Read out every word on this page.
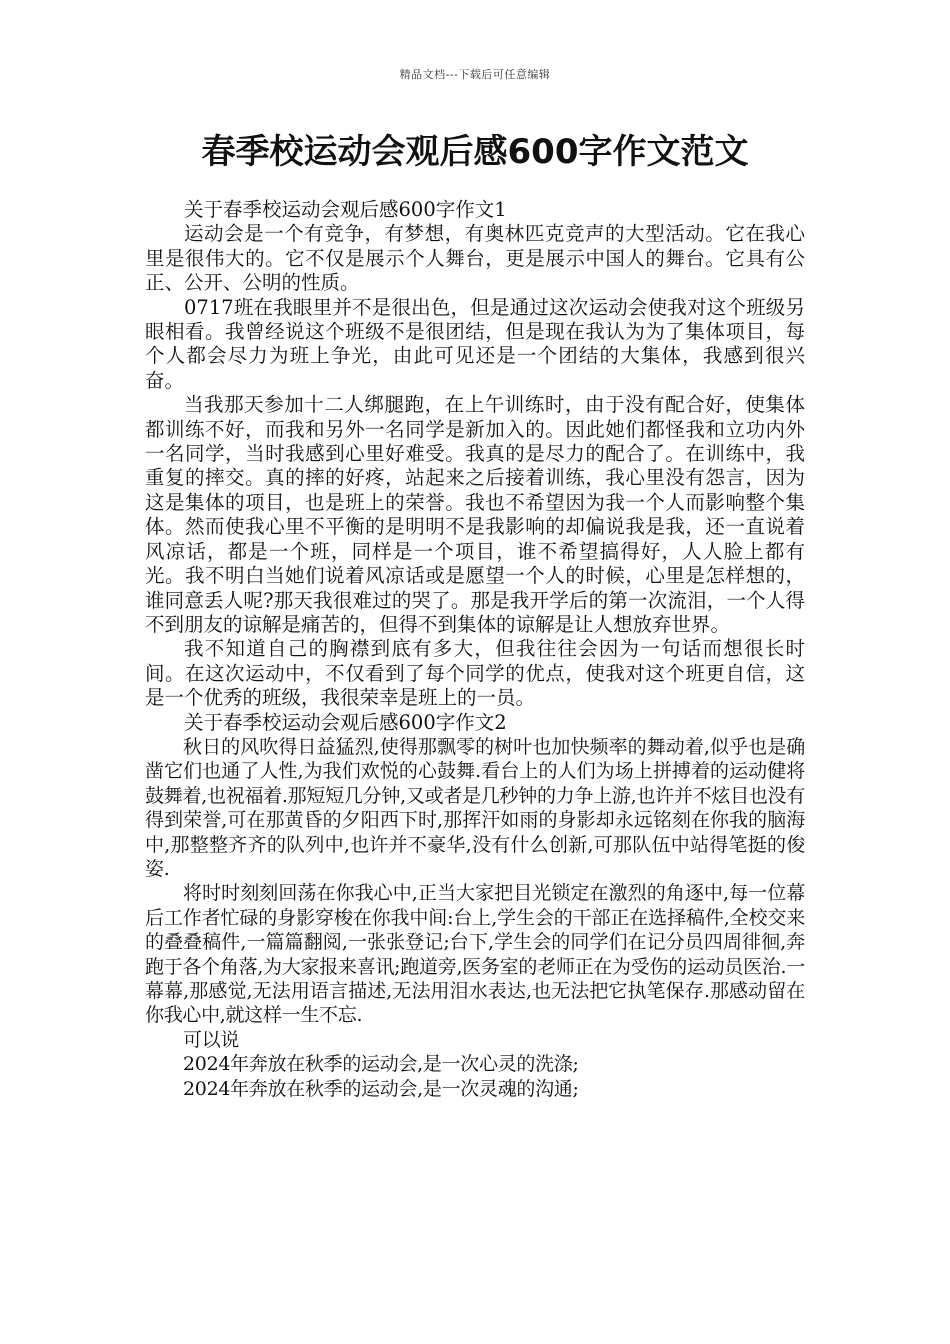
精品文档---下载后可任意编辑
春季校运动会观后感600字作文范文

关于春季校运动会观后感600字作文1

运动会是一个有竞争，有梦想，有奥林匹克竞声的大型活动。它在我心里是很伟大的。它不仅是展示个人舞台，更是展示中国人的舞台。它具有公正、公开、公明的性质。

0717班在我眼里并不是很出色，但是通过这次运动会使我对这个班级另眼相看。我曾经说这个班级不是很团结，但是现在我认为为了集体项目，每个人都会尽力为班上争光，由此可见还是一个团结的大集体，我感到很兴奋。

当我那天参加十二人绑腿跑，在上午训练时，由于没有配合好，使集体都训练不好，而我和另外一名同学是新加入的。因此她们都怪我和立功内外一名同学，当时我感到心里好难受。我真的是尽力的配合了。在训练中，我重复的摔交。真的摔的好疼，站起来之后接着训练，我心里没有怨言，因为这是集体的项目，也是班上的荣誉。我也不希望因为我一个人而影响整个集体。然而使我心里不平衡的是明明不是我影响的却偏说我是我，还一直说着风凉话，都是一个班，同样是一个项目，谁不希望搞得好，人人脸上都有光。我不明白当她们说着风凉话或是愿望一个人的时候，心里是怎样想的，谁同意丢人呢?那天我很难过的哭了。那是我开学后的第一次流泪，一个人得不到朋友的谅解是痛苦的，但得不到集体的谅解是让人想放弃世界。

我不知道自己的胸襟到底有多大，但我往往会因为一句话而想很长时间。在这次运动中，不仅看到了每个同学的优点，使我对这个班更自信，这是一个优秀的班级，我很荣幸是班上的一员。

关于春季校运动会观后感600字作文2

秋日的风吹得日益猛烈,使得那飘零的树叶也加快频率的舞动着,似乎也是确凿它们也通了人性,为我们欢悦的心鼓舞.看台上的人们为场上拼搏着的运动健将鼓舞着,也祝福着.那短短几分钟,又或者是几秒钟的力争上游,也许并不炫目也没有得到荣誉,可在那黄昏的夕阳西下时,那挥汗如雨的身影却永远铭刻在你我的脑海中,那整整齐齐的队列中,也许并不豪华,没有什么创新,可那队伍中站得笔挺的俊姿.

将时时刻刻回荡在你我心中,正当大家把目光锁定在激烈的角逐中,每一位幕后工作者忙碌的身影穿梭在你我中间:台上,学生会的干部正在选择稿件,全校交来的叠叠稿件,一篇篇翻阅,一张张登记;台下,学生会的同学们在记分员四周徘徊,奔跑于各个角落,为大家报来喜讯;跑道旁,医务室的老师正在为受伤的运动员医治.一幕幕,那感觉,无法用语言描述,无法用泪水表达,也无法把它执笔保存.那感动留在你我心中,就这样一生不忘.

可以说

2024年奔放在秋季的运动会,是一次心灵的洗涤;

2024年奔放在秋季的运动会,是一次灵魂的沟通;
